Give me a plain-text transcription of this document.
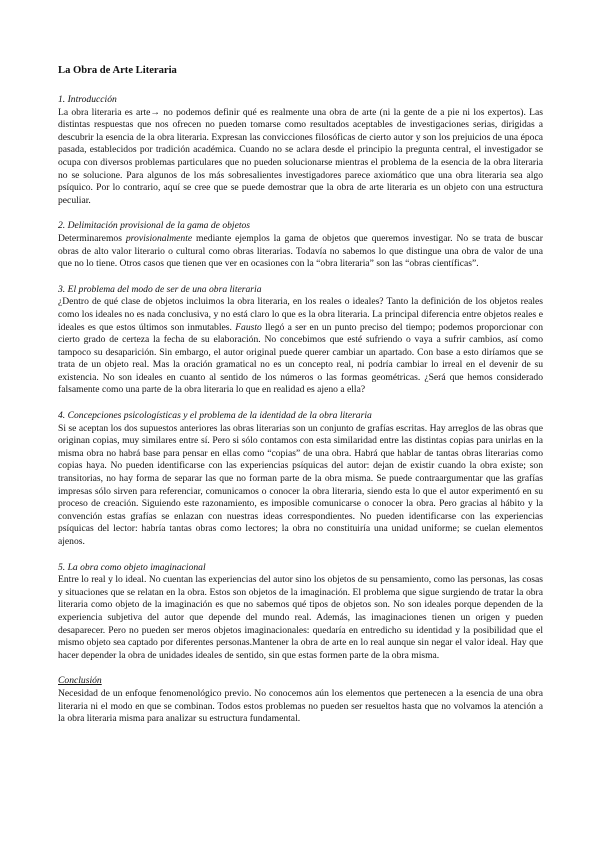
La Obra de Arte Literaria

1. Introducción

La obra literaria es arte→ no podemos definir qué es realmente una obra de arte (ni la gente de a pie ni los expertos). Las distintas respuestas que nos ofrecen no pueden tomarse como resultados aceptables de investigaciones serias, dirigidas a descubrir la esencia de la obra literaria. Expresan las convicciones filosóficas de cierto autor y son los prejuicios de una época pasada, establecidos por tradición académica. Cuando no se aclara desde el principio la pregunta central, el investigador se ocupa con diversos problemas particulares que no pueden solucionarse mientras el problema de la esencia de la obra literaria no se solucione. Para algunos de los más sobresalientes investigadores parece axiomático que una obra literaria sea algo psíquico. Por lo contrario, aquí se cree que se puede demostrar que la obra de arte literaria es un objeto con una estructura peculiar.

2. Delimitación provisional de la gama de objetos

Determinaremos provisionalmente mediante ejemplos la gama de objetos que queremos investigar. No se trata de buscar obras de alto valor literario o cultural como obras literarias. Todavía no sabemos lo que distingue una obra de valor de una que no lo tiene. Otros casos que tienen que ver en ocasiones con la “obra literaria” son las “obras científicas”.

3. El problema del modo de ser de una obra literaria

¿Dentro de qué clase de objetos incluimos la obra literaria, en los reales o ideales? Tanto la definición de los objetos reales como los ideales no es nada conclusiva, y no está claro lo que es la obra literaria. La principal diferencia entre objetos reales e ideales es que estos últimos son inmutables. Fausto llegó a ser en un punto preciso del tiempo; podemos proporcionar con cierto grado de certeza la fecha de su elaboración. No concebimos que esté sufriendo o vaya a sufrir cambios, así como tampoco su desaparición. Sin embargo, el autor original puede querer cambiar un apartado. Con base a esto diríamos que se trata de un objeto real. Mas la oración gramatical no es un concepto real, ni podría cambiar lo irreal en el devenir de su existencia. No son ideales en cuanto al sentido de los números o las formas geométricas. ¿Será que hemos considerado falsamente como una parte de la obra literaria lo que en realidad es ajeno a ella?

4. Concepciones psicologísticas y el problema de la identidad de la obra literaria

Si se aceptan los dos supuestos anteriores las obras literarias son un conjunto de grafías escritas. Hay arreglos de las obras que originan copias, muy similares entre sí. Pero si sólo contamos con esta similaridad entre las distintas copias para unirlas en la misma obra no habrá base para pensar en ellas como “copias” de una obra. Habrá que hablar de tantas obras literarias como copias haya. No pueden identificarse con las experiencias psíquicas del autor: dejan de existir cuando la obra existe; son transitorias, no hay forma de separar las que no forman parte de la obra misma. Se puede contraargumentar que las grafías impresas sólo sirven para referenciar, comunicamos o conocer la obra literaria, siendo esta lo que el autor experimentó en su proceso de creación. Siguiendo este razonamiento, es imposible comunicarse o conocer la obra. Pero gracias al hábito y la convención estas grafías se enlazan con nuestras ideas correspondientes. No pueden identificarse con las experiencias psíquicas del lector: habría tantas obras como lectores; la obra no constituiría una unidad uniforme; se cuelan elementos ajenos.

5. La obra como objeto imaginacional

Entre lo real y lo ideal. No cuentan las experiencias del autor sino los objetos de su pensamiento, como las personas, las cosas y situaciones que se relatan en la obra. Estos son objetos de la imaginación. El problema que sigue surgiendo de tratar la obra literaria como objeto de la imaginación es que no sabemos qué tipos de objetos son. No son ideales porque dependen de la experiencia subjetiva del autor que depende del mundo real. Además, las imaginaciones tienen un origen y pueden desaparecer. Pero no pueden ser meros objetos imaginacionales: quedaría en entredicho su identidad y la posibilidad que el mismo objeto sea captado por diferentes personas.Mantener la obra de arte en lo real aunque sin negar el valor ideal. Hay que hacer depender la obra de unidades ideales de sentido, sin que estas formen parte de la obra misma.

Conclusión

Necesidad de un enfoque fenomenológico previo. No conocemos aún los elementos que pertenecen a la esencia de una obra literaria ni el modo en que se combinan. Todos estos problemas no pueden ser resueltos hasta que no volvamos la atención a la obra literaria misma para analizar su estructura fundamental.
